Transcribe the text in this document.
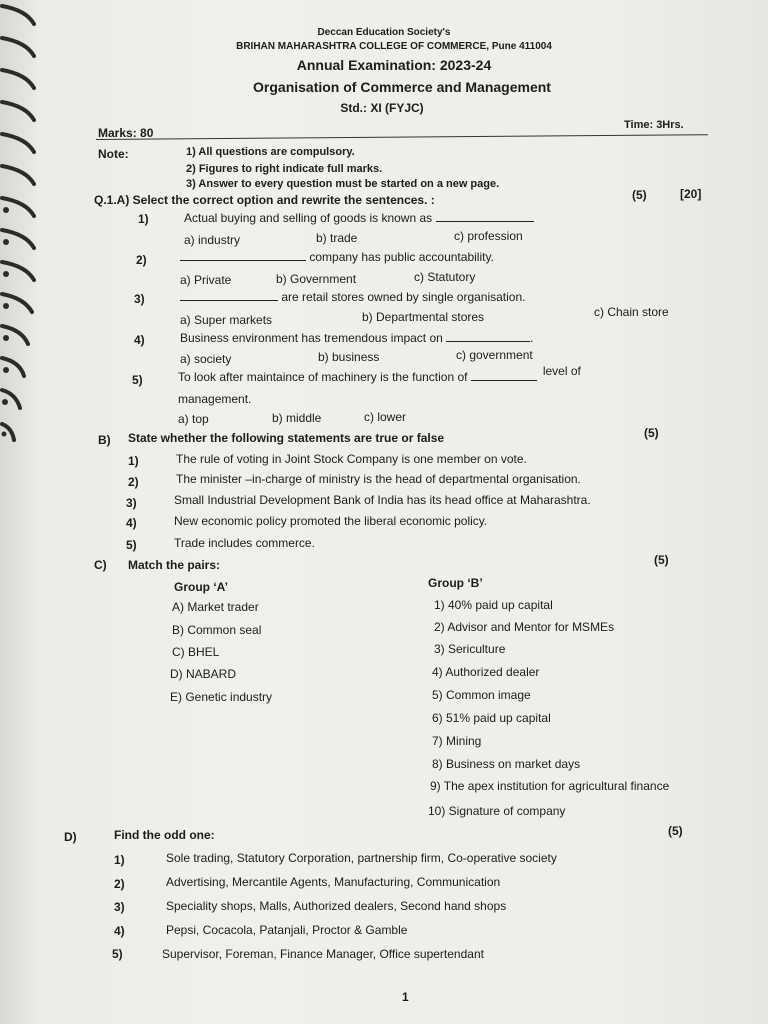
Deccan Education Society's
BRIHAN MAHARASHTRA COLLEGE OF COMMERCE, Pune 411004
Annual Examination: 2023-24
Organisation of Commerce and Management
Std.: XI (FYJC)
Time: 3Hrs.
Marks: 80
Note:	1) All questions are compulsory.
2) Figures to right indicate full marks.
3) Answer to every question must be started on a new page.
Q.1.A) Select the correct option and rewrite the sentences. :	(5)	[20]
1)	Actual buying and selling of goods is known as
a) industry	b) trade	c) profession
2)	company has public accountability.
a) Private	b) Government	c) Statutory
3)	are retail stores owned by single organisation.
a) Super markets	b) Departmental stores	c) Chain store
4)	Business environment has tremendous impact on	.
a) society	b) business	c) government
5)	To look after maintaince of machinery is the function of	level of
management.
a) top	b) middle	c) lower
B) State whether the following statements are true or false	(5)
1)	The rule of voting in Joint Stock Company is one member on vote.
2)	The minister –in-charge of ministry is the head of departmental organisation.
3)	Small Industrial Development Bank of India has its head office at Maharashtra.
4)	New economic policy promoted the liberal economic policy.
5)	Trade includes commerce.
C) Match the pairs:	(5)
Group ‘A’	Group ‘B’
A) Market trader
B) Common seal
C) BHEL
D) NABARD
E) Genetic industry
1) 40% paid up capital
2) Advisor and Mentor for MSMEs
3) Sericulture
4) Authorized dealer
5) Common image
6) 51% paid up capital
7) Mining
8) Business on market days
9) The apex institution for agricultural finance
10) Signature of company
D)	Find the odd one:	(5)
1)	Sole trading, Statutory Corporation, partnership firm, Co-operative society
2)	Advertising, Mercantile Agents, Manufacturing, Communication
3)	Speciality shops, Malls, Authorized dealers, Second hand shops
4)	Pepsi, Cocacola, Patanjali, Proctor & Gamble
5)	Supervisor, Foreman, Finance Manager, Office supertendant
1
